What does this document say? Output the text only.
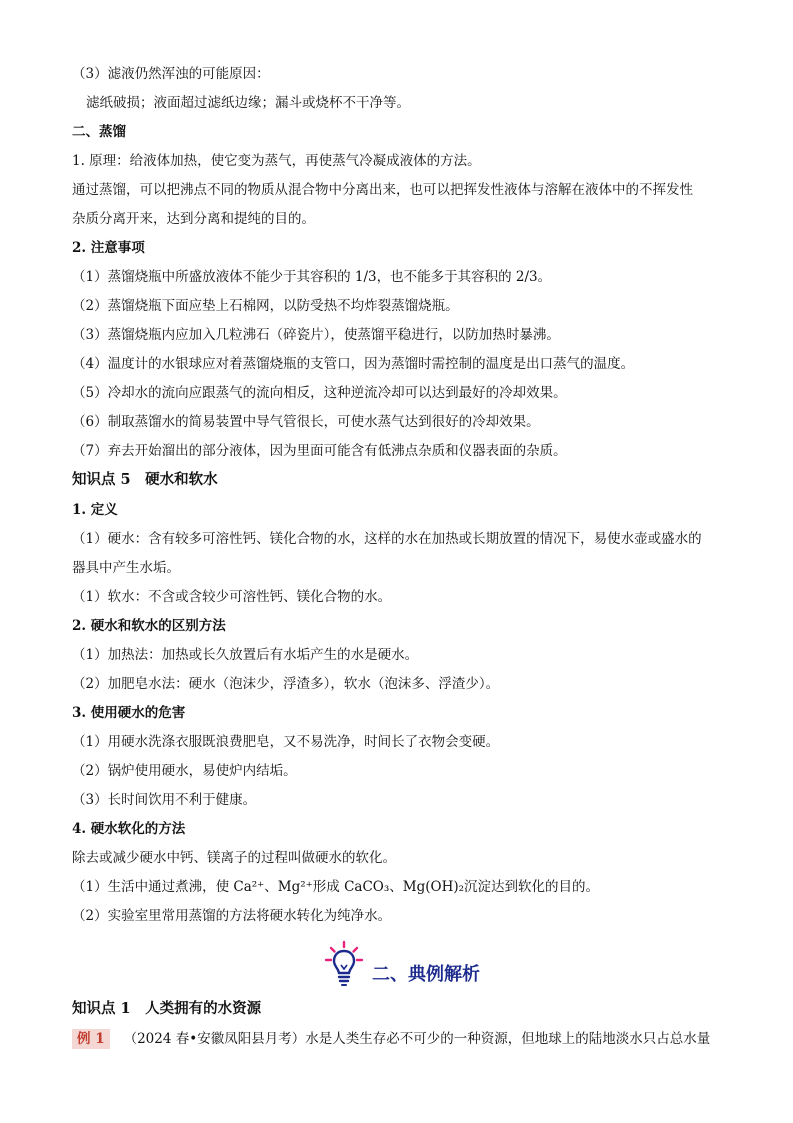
（3）滤液仍然浑浊的可能原因：
滤纸破损；液面超过滤纸边缘；漏斗或烧杯不干净等。
二、蒸馏
1. 原理：给液体加热，使它变为蒸气，再使蒸气冷凝成液体的方法。
通过蒸馏，可以把沸点不同的物质从混合物中分离出来，也可以把挥发性液体与溶解在液体中的不挥发性
杂质分离开来，达到分离和提纯的目的。
2. 注意事项
（1）蒸馏烧瓶中所盛放液体不能少于其容积的 1/3，也不能多于其容积的 2/3。
（2）蒸馏烧瓶下面应垫上石棉网，以防受热不均炸裂蒸馏烧瓶。
（3）蒸馏烧瓶内应加入几粒沸石（碎瓷片），使蒸馏平稳进行，以防加热时暴沸。
（4）温度计的水银球应对着蒸馏烧瓶的支管口，因为蒸馏时需控制的温度是出口蒸气的温度。
（5）冷却水的流向应跟蒸气的流向相反，这种逆流冷却可以达到最好的冷却效果。
（6）制取蒸馏水的简易装置中导气管很长，可使水蒸气达到很好的冷却效果。
（7）弃去开始溜出的部分液体，因为里面可能含有低沸点杂质和仪器表面的杂质。
知识点 5　硬水和软水
1. 定义
（1）硬水：含有较多可溶性钙、镁化合物的水，这样的水在加热或长期放置的情况下，易使水壶或盛水的
器具中产生水垢。
（1）软水：不含或含较少可溶性钙、镁化合物的水。
2. 硬水和软水的区别方法
（1）加热法：加热或长久放置后有水垢产生的水是硬水。
（2）加肥皂水法：硬水（泡沫少，浮渣多），软水（泡沫多、浮渣少）。
3. 使用硬水的危害
（1）用硬水洗涤衣服既浪费肥皂，又不易洗净，时间长了衣物会变硬。
（2）锅炉使用硬水，易使炉内结垢。
（3）长时间饮用不利于健康。
4. 硬水软化的方法
除去或减少硬水中钙、镁离子的过程叫做硬水的软化。
（1）生活中通过煮沸，使 Ca²⁺、Mg²⁺形成 CaCO₃、Mg(OH)₂沉淀达到软化的目的。
（2）实验室里常用蒸馏的方法将硬水转化为纯净水。
二、典例解析
知识点 1　人类拥有的水资源
例 1 （2024 春•安徽凤阳县月考）水是人类生存必不可少的一种资源，但地球上的陆地淡水只占总水量
